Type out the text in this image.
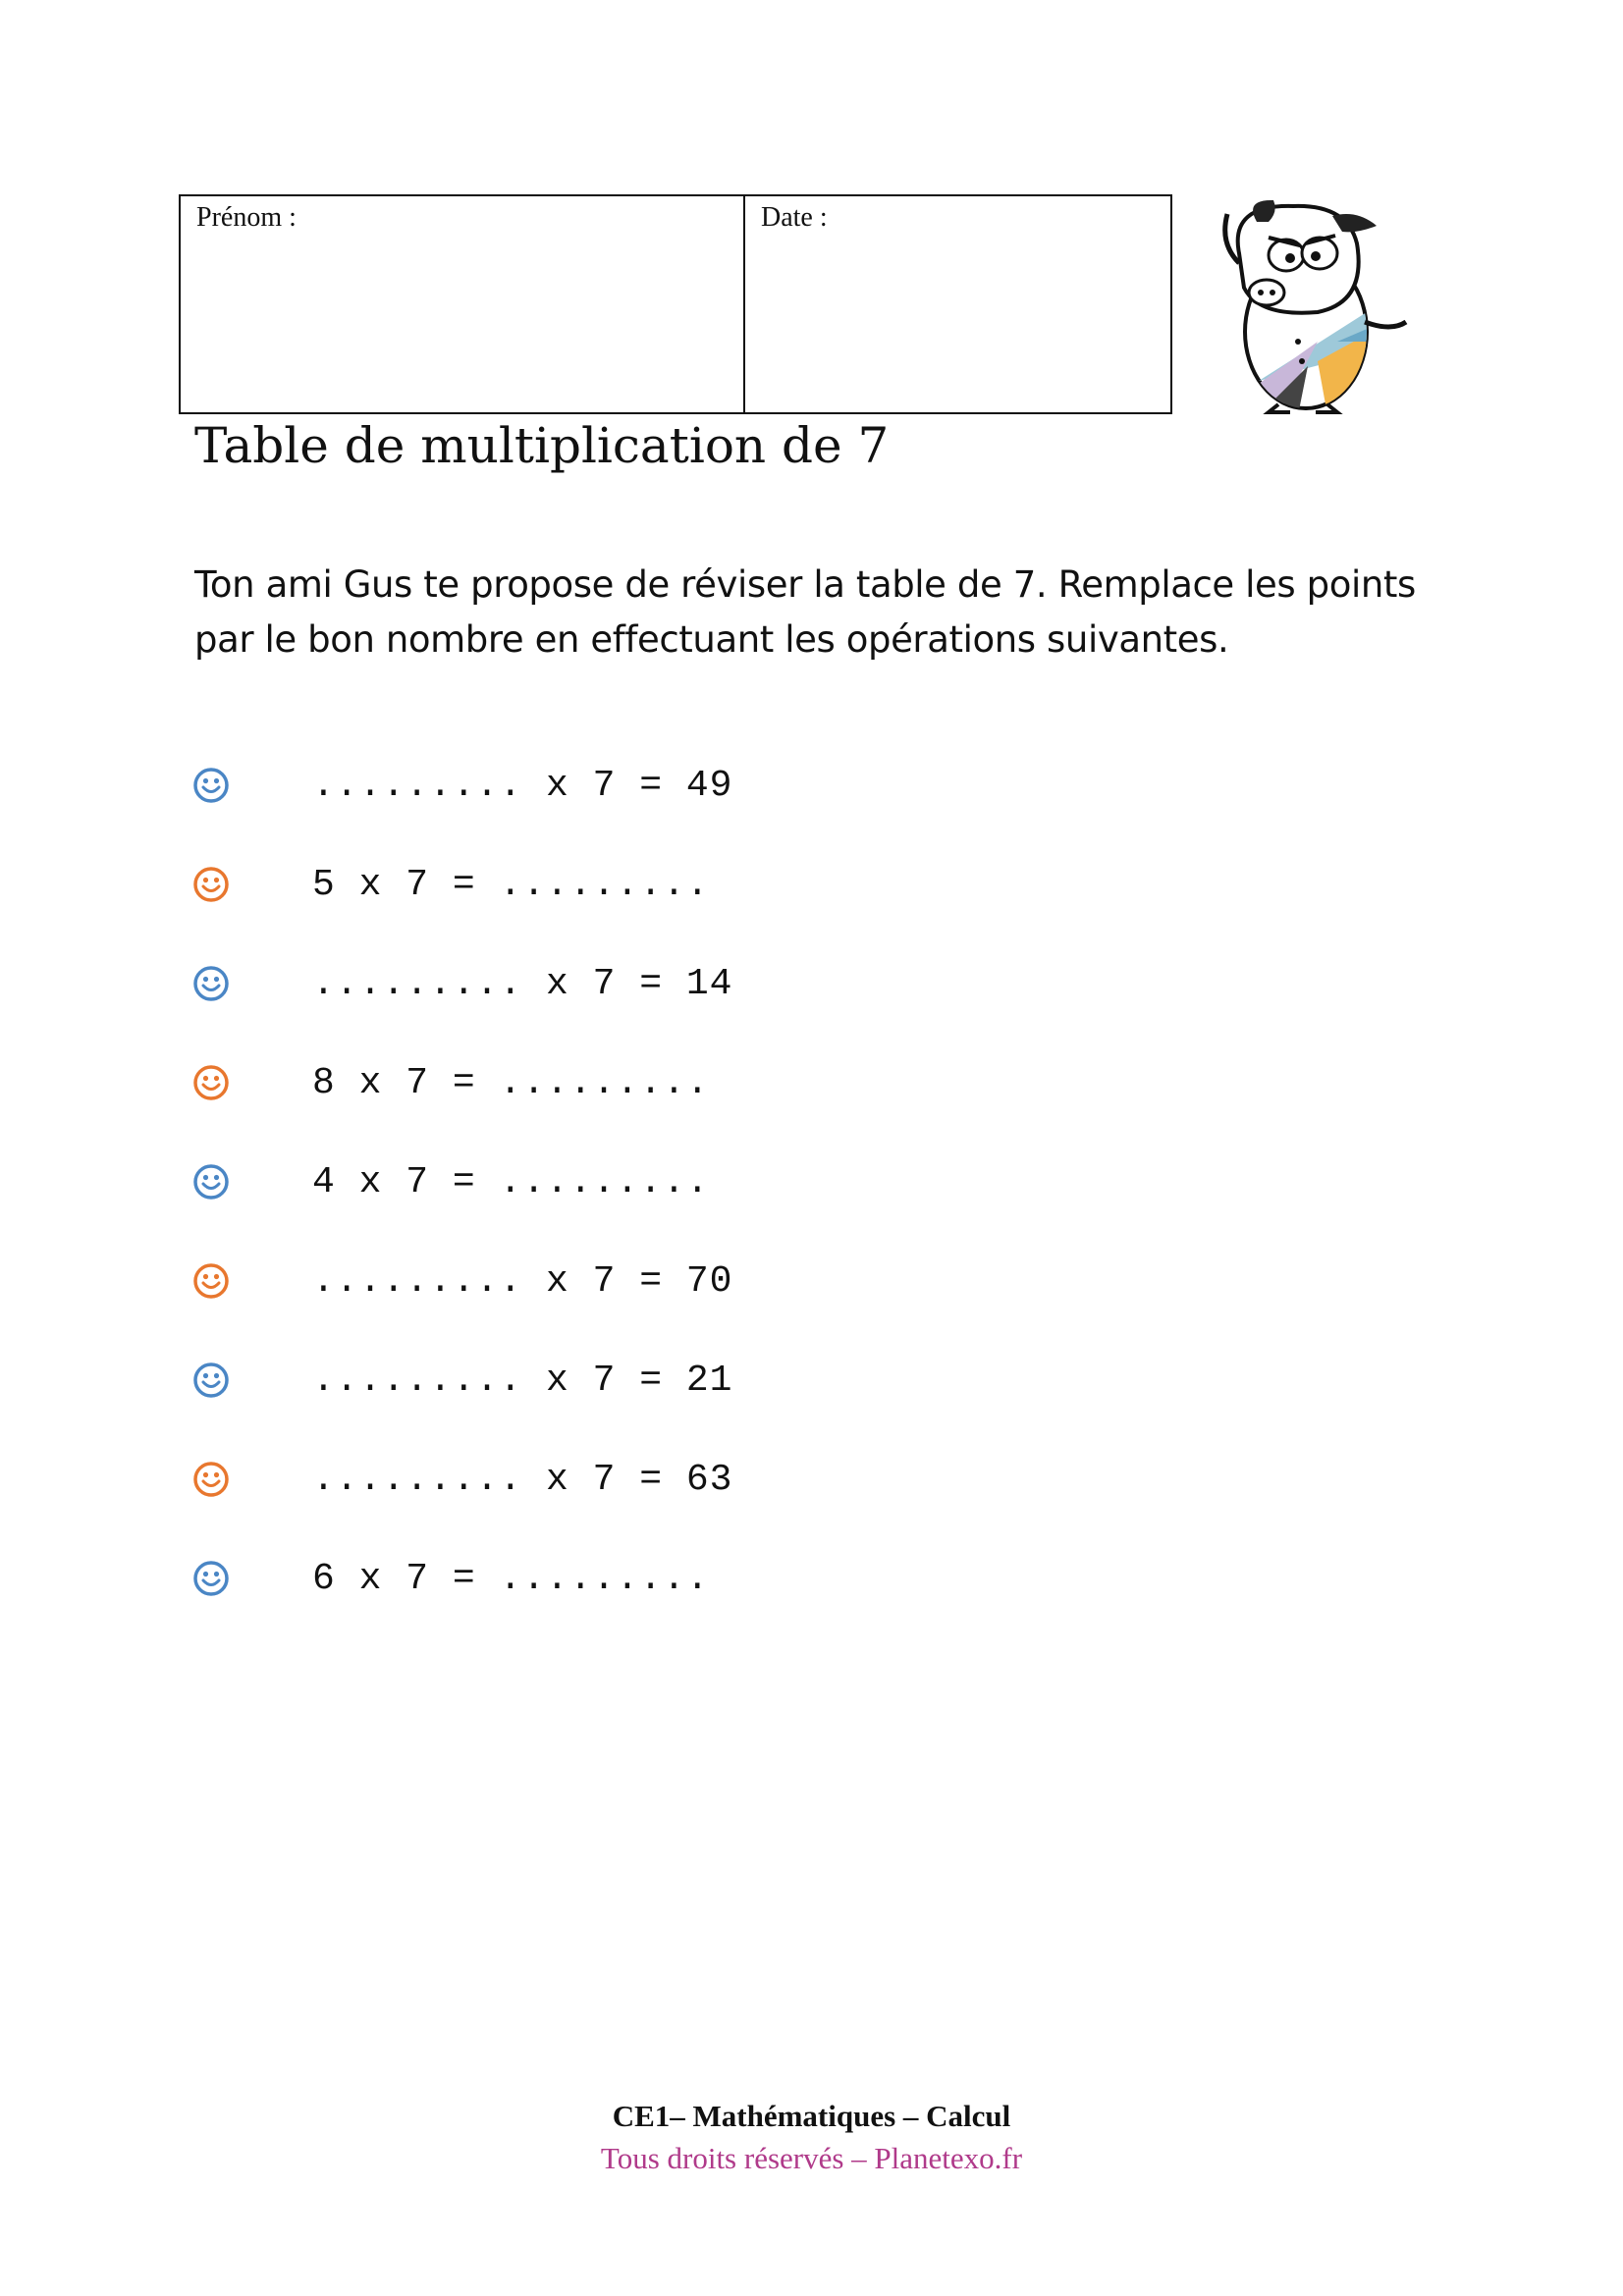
Prénom :	Date :
Table de multiplication de 7

Ton ami Gus te propose de réviser la table de 7. Remplace les points par le bon nombre en effectuant les opérations suivantes.

......... x 7 = 49
5 x 7 = .........
......... x 7 = 14
8 x 7 = .........
4 x 7 = .........
......... x 7 = 70
......... x 7 = 21
......... x 7 = 63
6 x 7 = .........

CE1– Mathématiques – Calcul

Tous droits réservés – Planetexo.fr
